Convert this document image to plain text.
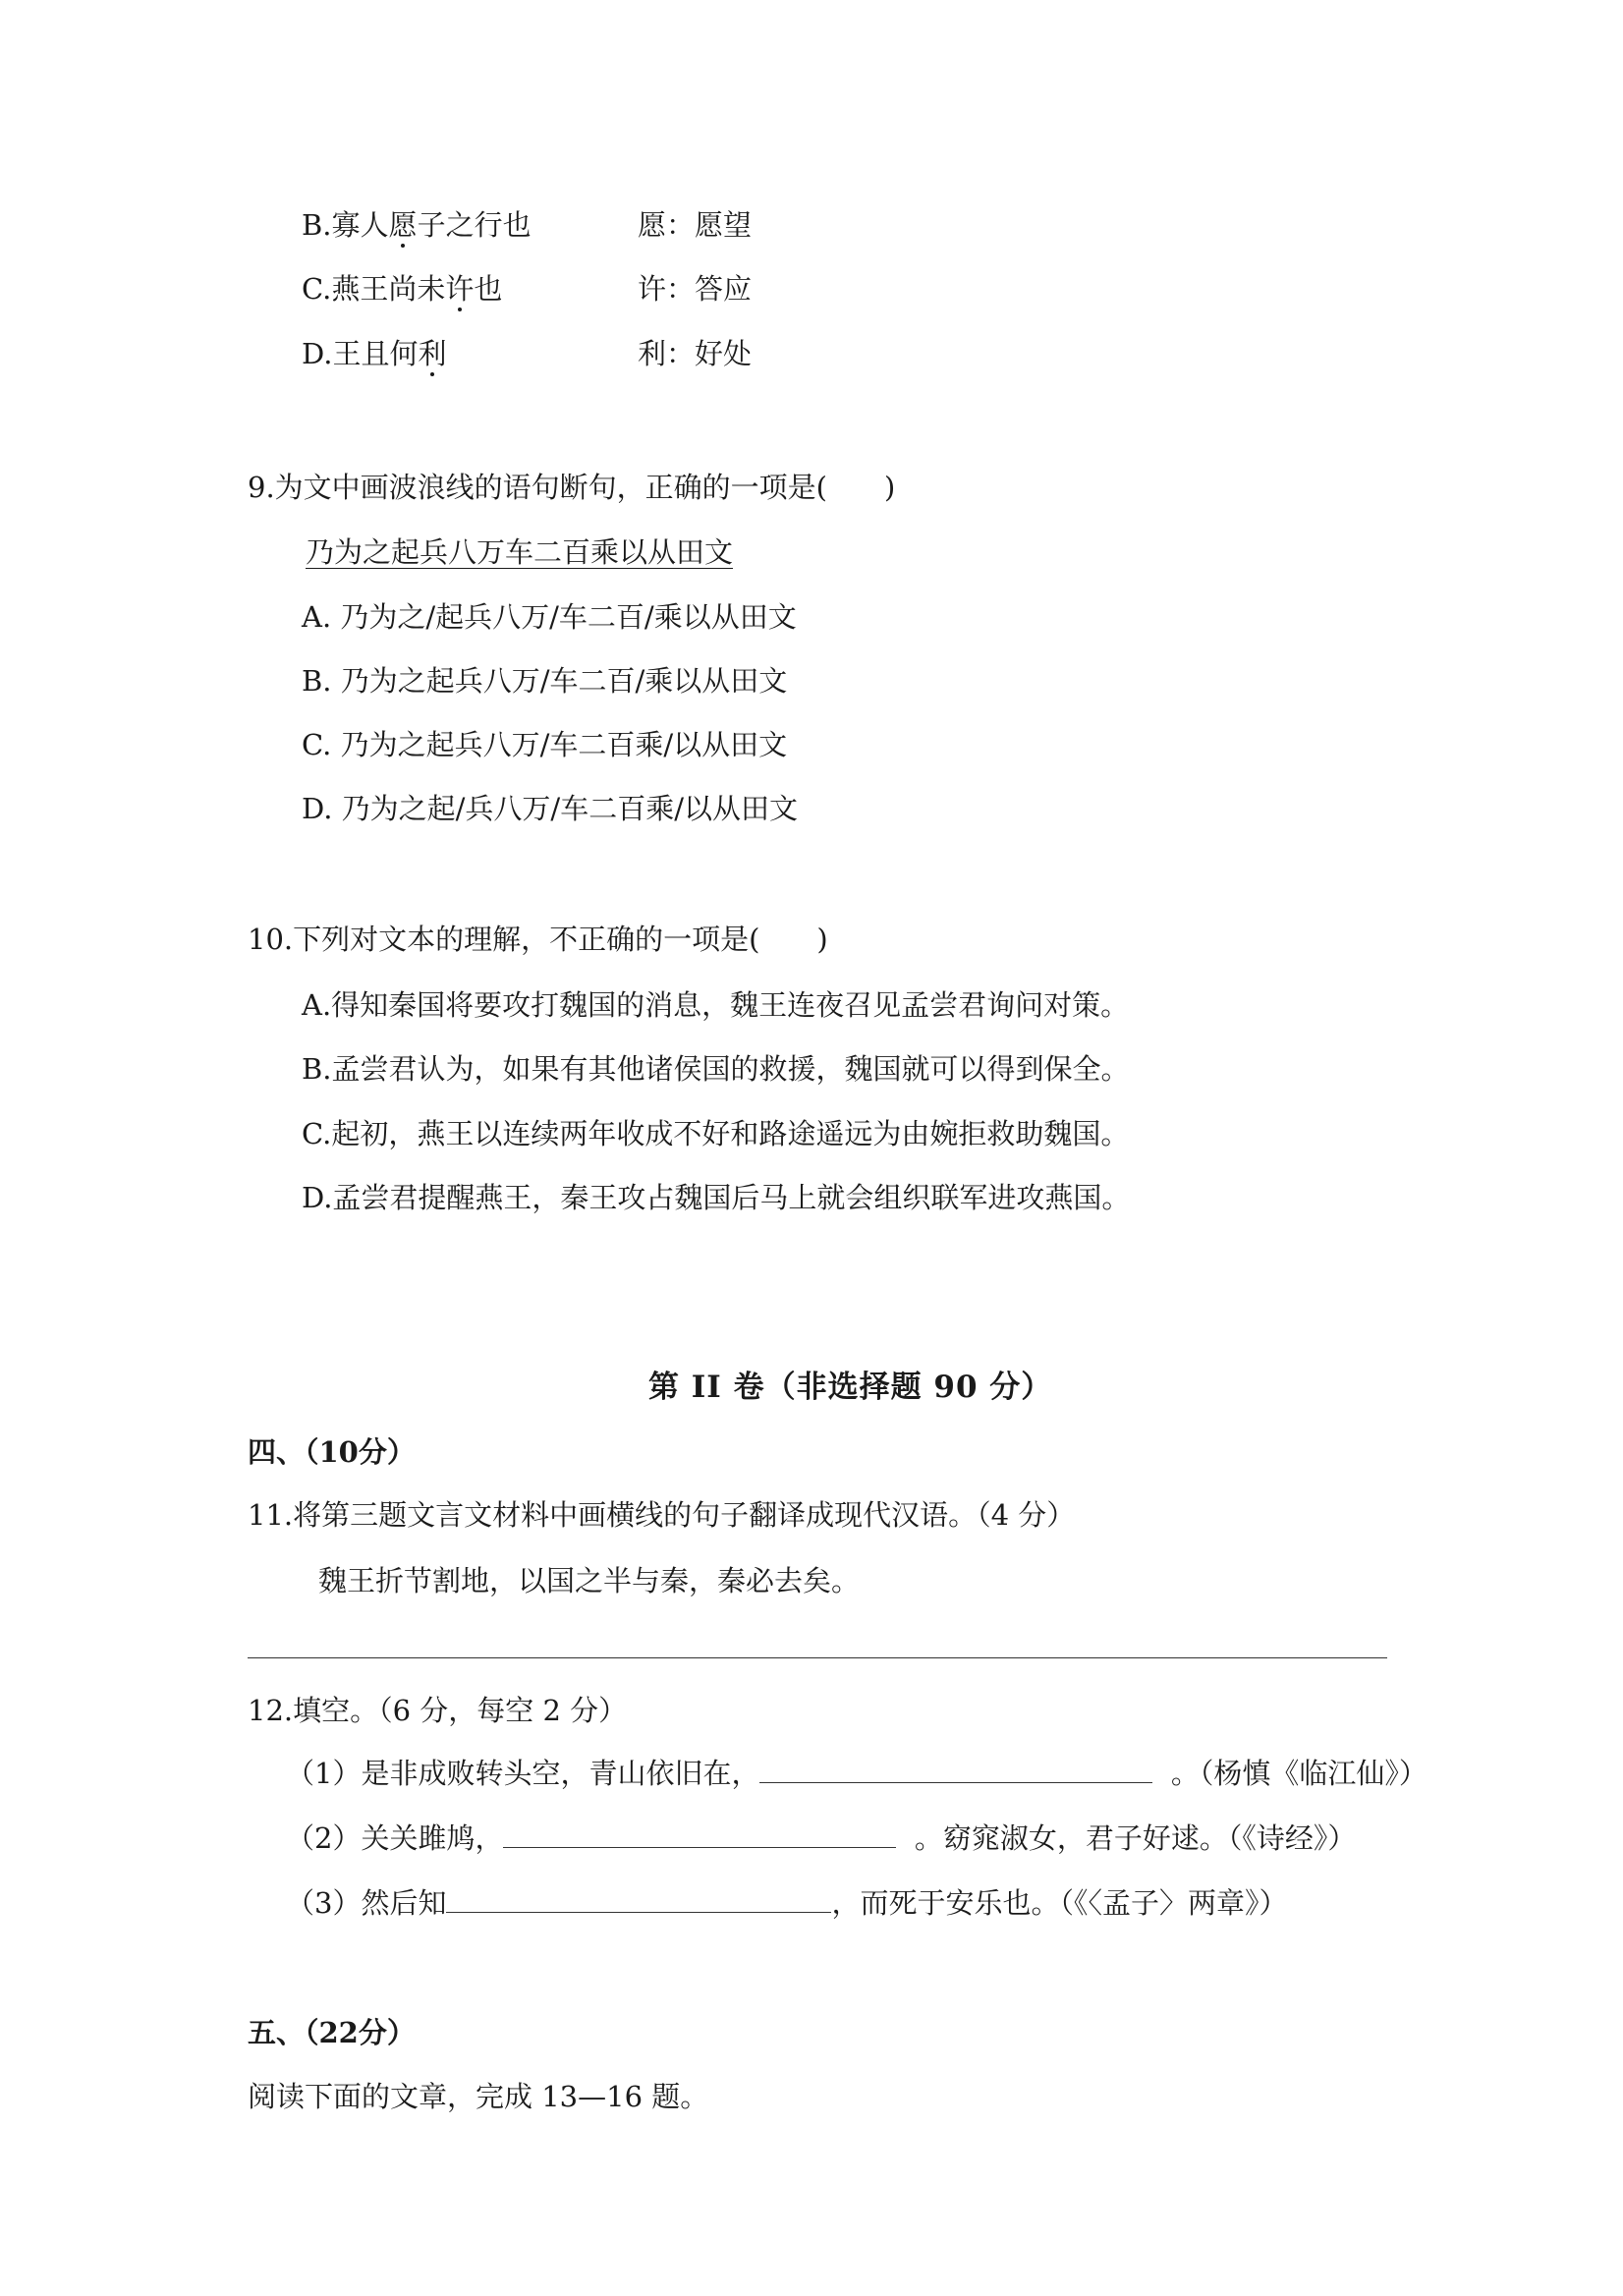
B.寡人愿子之行也	愿：愿望
C.燕王尚未许也	许：答应
D.王且何利	利：好处
9.为文中画波浪线的语句断句，正确的一项是(　　)
乃为之起兵八万车二百乘以从田文
A. 乃为之/起兵八万/车二百/乘以从田文
B. 乃为之起兵八万/车二百/乘以从田文
C. 乃为之起兵八万/车二百乘/以从田文
D. 乃为之起/兵八万/车二百乘/以从田文
10.下列对文本的理解，不正确的一项是(　　)
A.得知秦国将要攻打魏国的消息，魏王连夜召见孟尝君询问对策。
B.孟尝君认为，如果有其他诸侯国的救援，魏国就可以得到保全。
C.起初，燕王以连续两年收成不好和路途遥远为由婉拒救助魏国。
D.孟尝君提醒燕王，秦王攻占魏国后马上就会组织联军进攻燕国。
第 II 卷（非选择题 90 分）
四、（10分）
11.将第三题文言文材料中画横线的句子翻译成现代汉语。（4 分）
魏王折节割地，以国之半与秦，秦必去矣。
12.填空。（6 分，每空 2 分）
（1）是非成败转头空，青山依旧在，	。（杨慎《临江仙》）
（2）关关雎鸠，	。窈窕淑女，君子好逑。（《诗经》）
（3）然后知	，而死于安乐也。（《〈孟子〉两章》）
五、（22分）
阅读下面的文章，完成 13—16 题。
